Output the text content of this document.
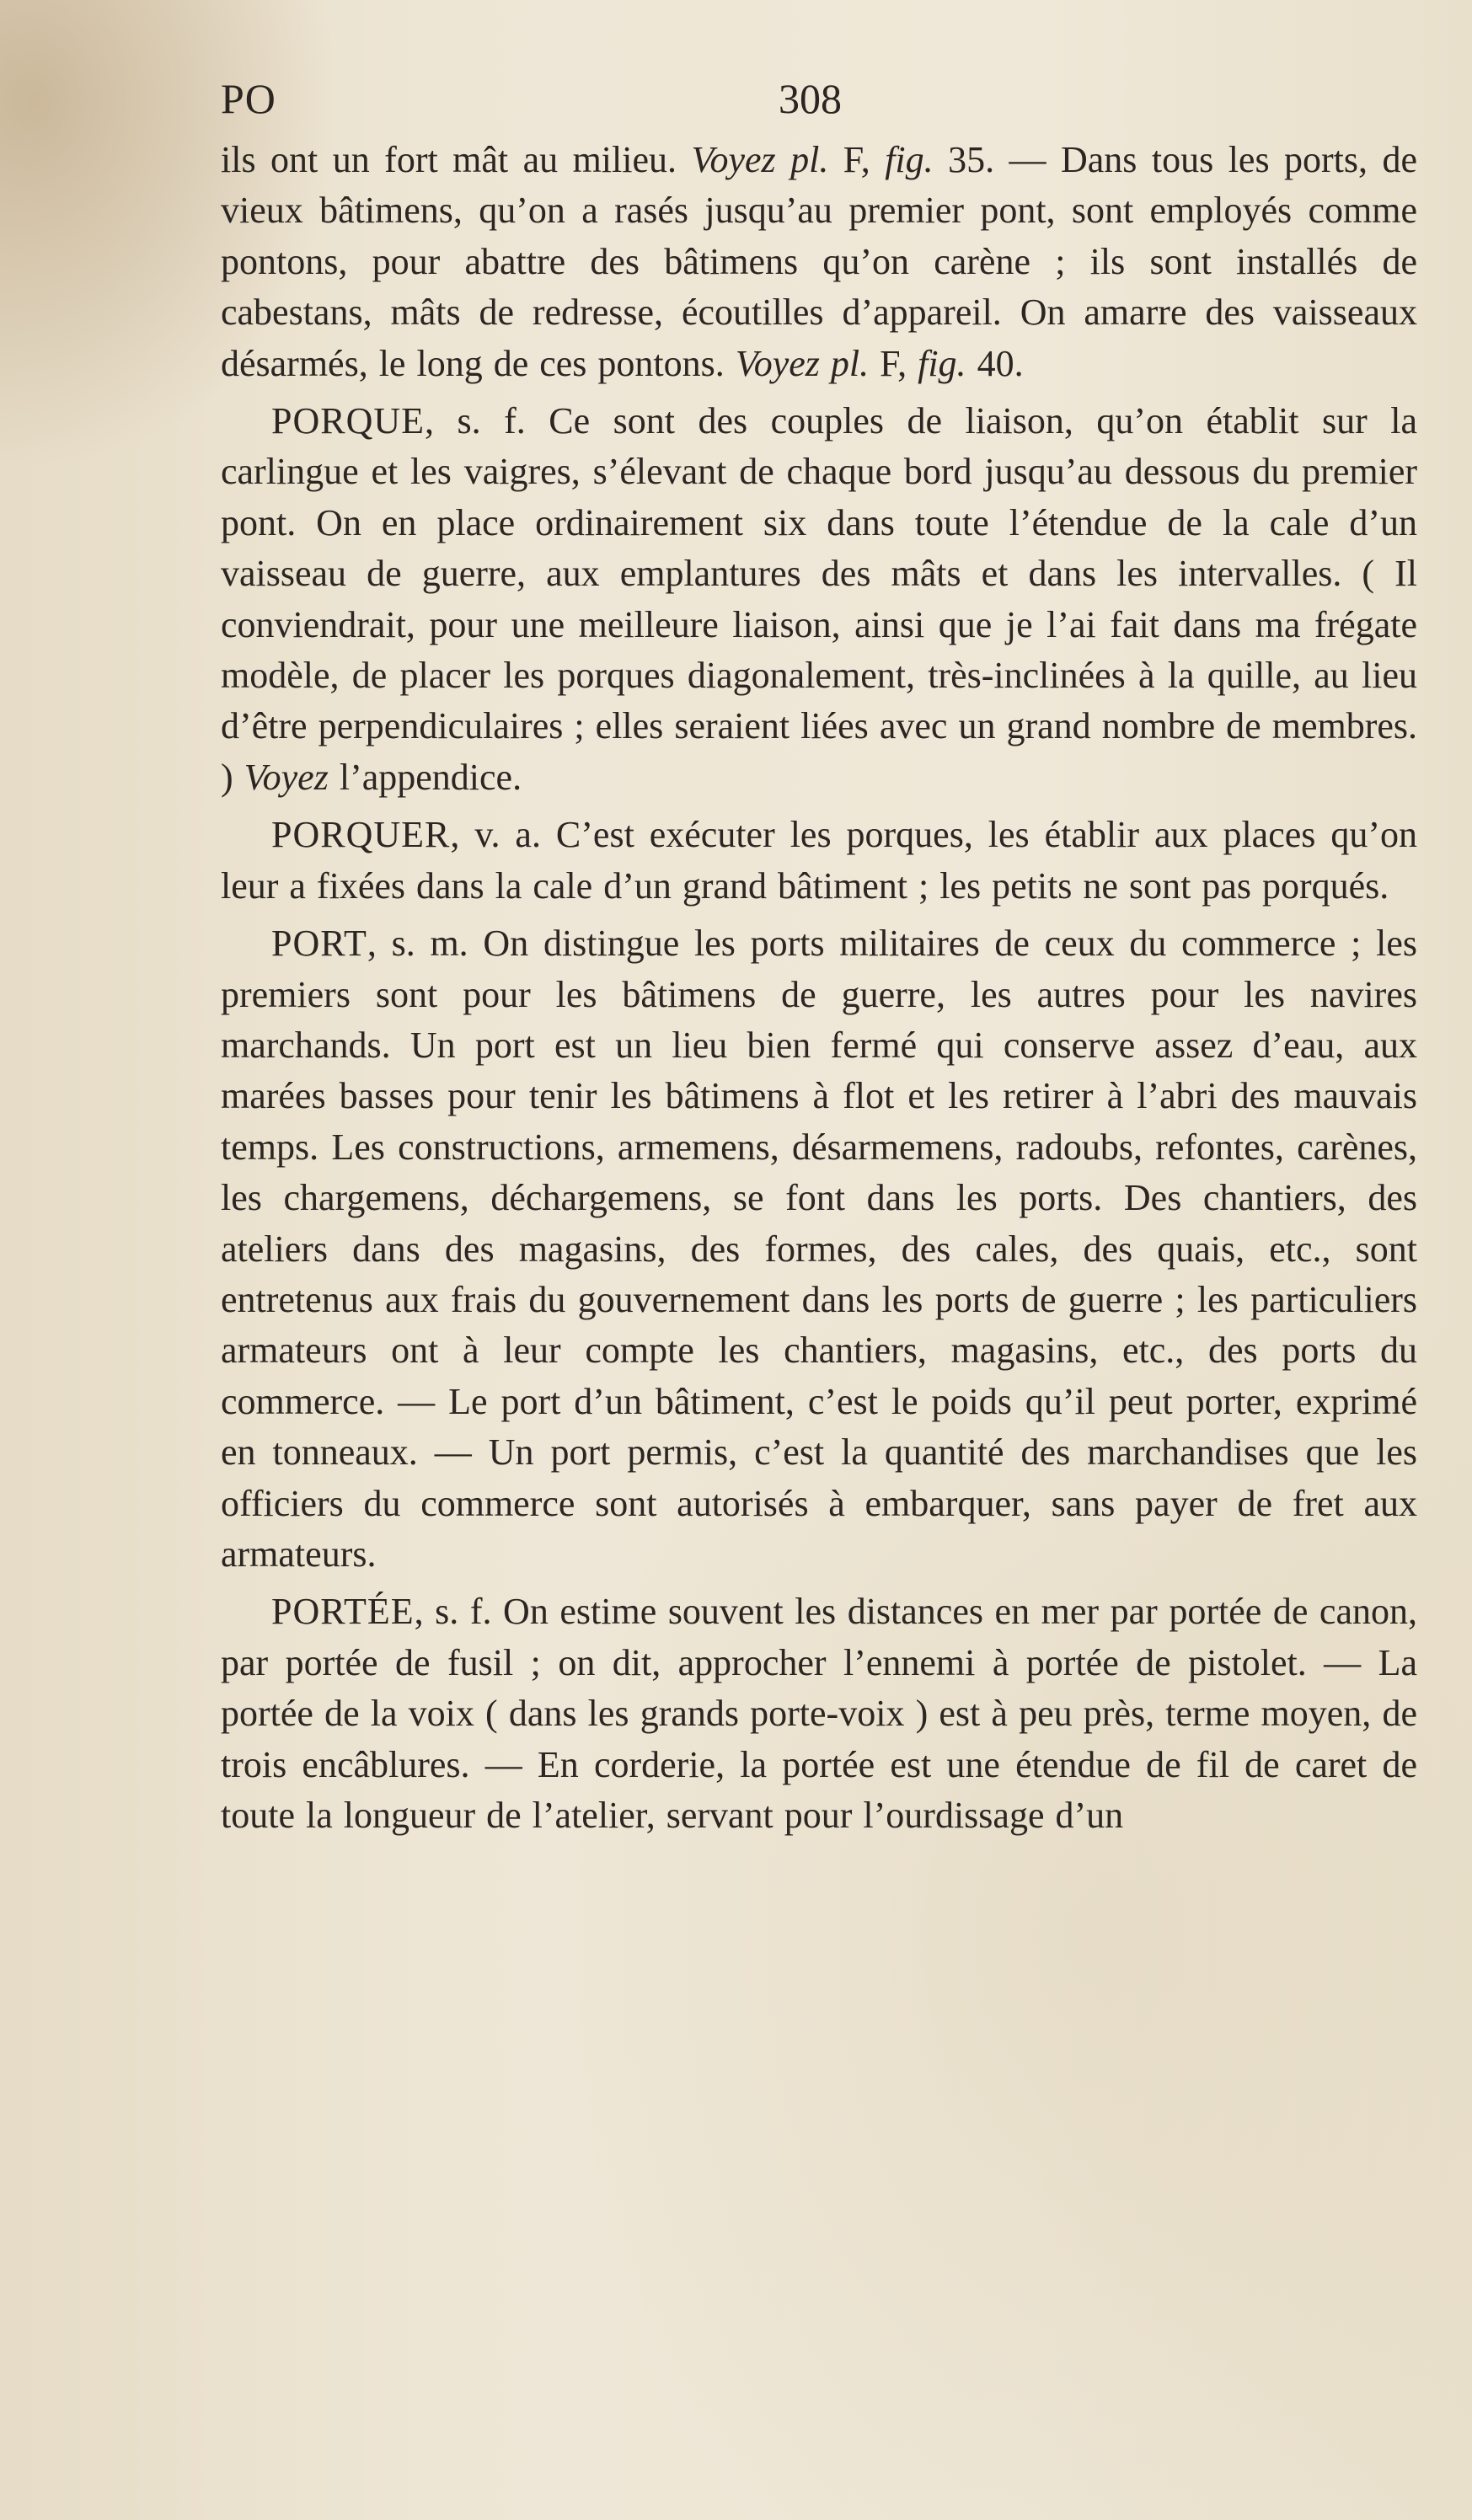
PO	308

ils ont un fort mât au milieu. Voyez pl. F, fig. 35. — Dans tous les ports, de vieux bâtimens, qu’on a rasés jusqu’au premier pont, sont employés comme pontons, pour abattre des bâtimens qu’on carène ; ils sont installés de cabestans, mâts de redresse, écoutilles d’appareil. On amarre des vaisseaux désarmés, le long de ces pontons. Voyez pl. F, fig. 40.

PORQUE, s. f. Ce sont des couples de liaison, qu’on établit sur la carlingue et les vaigres, s’élevant de chaque bord jusqu’au dessous du premier pont. On en place ordinairement six dans toute l’étendue de la cale d’un vaisseau de guerre, aux emplantures des mâts et dans les intervalles. ( Il conviendrait, pour une meilleure liaison, ainsi que je l’ai fait dans ma frégate modèle, de placer les porques diagonalement, très-inclinées à la quille, au lieu d’être perpendiculaires ; elles seraient liées avec un grand nombre de membres. ) Voyez l’appendice.

PORQUER, v. a. C’est exécuter les porques, les établir aux places qu’on leur a fixées dans la cale d’un grand bâtiment ; les petits ne sont pas porqués.

PORT, s. m. On distingue les ports militaires de ceux du commerce ; les premiers sont pour les bâtimens de guerre, les autres pour les navires marchands. Un port est un lieu bien fermé qui conserve assez d’eau, aux marées basses pour tenir les bâtimens à flot et les retirer à l’abri des mauvais temps. Les constructions, armemens, désarmemens, radoubs, refontes, carènes, les chargemens, déchargemens, se font dans les ports. Des chantiers, des ateliers dans des magasins, des formes, des cales, des quais, etc., sont entretenus aux frais du gouvernement dans les ports de guerre ; les particuliers armateurs ont à leur compte les chantiers, magasins, etc., des ports du commerce. — Le port d’un bâtiment, c’est le poids qu’il peut porter, exprimé en tonneaux. — Un port permis, c’est la quantité des marchandises que les officiers du commerce sont autorisés à embarquer, sans payer de fret aux armateurs.

PORTÉE, s. f. On estime souvent les distances en mer par portée de canon, par portée de fusil ; on dit, approcher l’ennemi à portée de pistolet. — La portée de la voix ( dans les grands porte-voix ) est à peu près, terme moyen, de trois encâblures. — En corderie, la portée est une étendue de fil de caret de toute la longueur de l’atelier, servant pour l’ourdissage d’un
